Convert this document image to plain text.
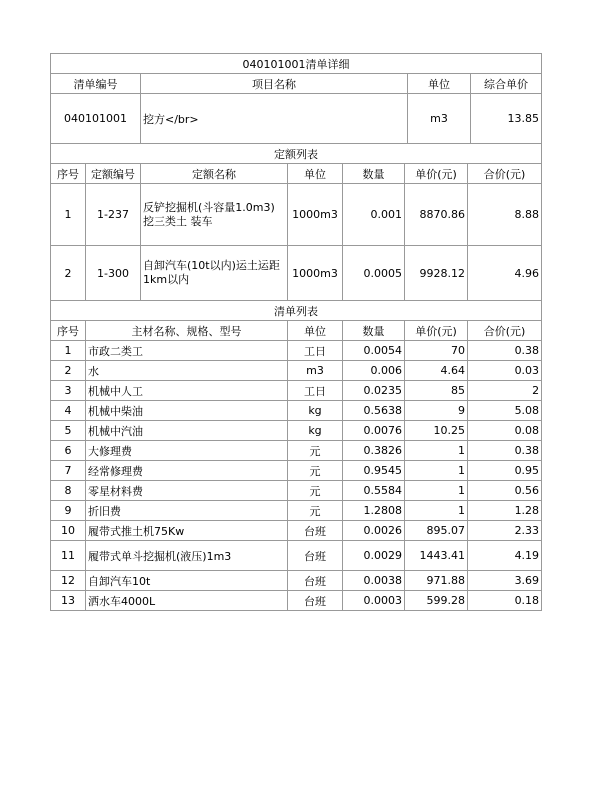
040101001清单详细			
清单编号	项目名称	单位	综合单价
040101001	挖方</br>	m3	13.85
定额列表						
序号	定额编号	定额名称	单位	数量	单价(元)	合价(元)
1	1-237	反铲挖掘机(斗容量1.0m3) 挖三类土 装车	1000m3	0.001	8870.86	8.88
2	1-300	自卸汽车(10t以内)运土运距1km以内	1000m3	0.0005	9928.12	4.96
清单列表					
序号	主材名称、规格、型号	单位	数量	单价(元)	合价(元)
1	市政二类工	工日	0.0054	70	0.38
2	水	m3	0.006	4.64	0.03
3	机械中人工	工日	0.0235	85	2
4	机械中柴油	kg	0.5638	9	5.08
5	机械中汽油	kg	0.0076	10.25	0.08
6	大修理费	元	0.3826	1	0.38
7	经常修理费	元	0.9545	1	0.95
8	零星材料费	元	0.5584	1	0.56
9	折旧费	元	1.2808	1	1.28
10	履带式推土机75Kw	台班	0.0026	895.07	2.33
11	履带式单斗挖掘机(液压)1m3	台班	0.0029	1443.41	4.19
12	自卸汽车10t	台班	0.0038	971.88	3.69
13	洒水车4000L	台班	0.0003	599.28	0.18
